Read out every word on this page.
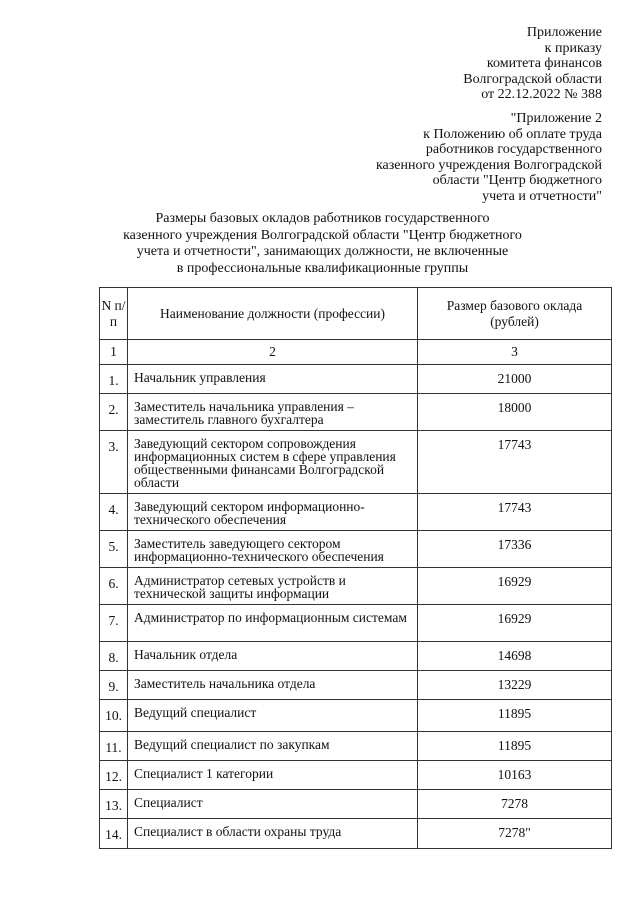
Приложение
к приказу
комитета финансов
Волгоградской области
от 22.12.2022 № 388
"Приложение 2
к Положению об оплате труда
работников государственного
казенного учреждения Волгоградской
области "Центр бюджетного
учета и отчетности"
Размеры базовых окладов работников государственного
казенного учреждения Волгоградской области "Центр бюджетного
учета и отчетности", занимающих должности, не включенные
в профессиональные квалификационные группы
N п/п	Наименование должности (профессии)	Размер базового оклада (рублей)
1	2	3
1.	Начальник управления	21000
2.	Заместитель начальника управления – заместитель главного бухгалтера	18000
3.	Заведующий сектором сопровождения информационных систем в сфере управления общественными финансами Волгоградской области	17743
4.	Заведующий сектором информационно-технического обеспечения	17743
5.	Заместитель заведующего сектором информационно-технического обеспечения	17336
6.	Администратор сетевых устройств и технической защиты информации	16929
7.	Администратор по информационным системам	16929
8.	Начальник отдела	14698
9.	Заместитель начальника отдела	13229
10.	Ведущий специалист	11895
11.	Ведущий специалист по закупкам	11895
12.	Специалист 1 категории	10163
13.	Специалист	7278
14.	Специалист в области охраны труда	7278"
